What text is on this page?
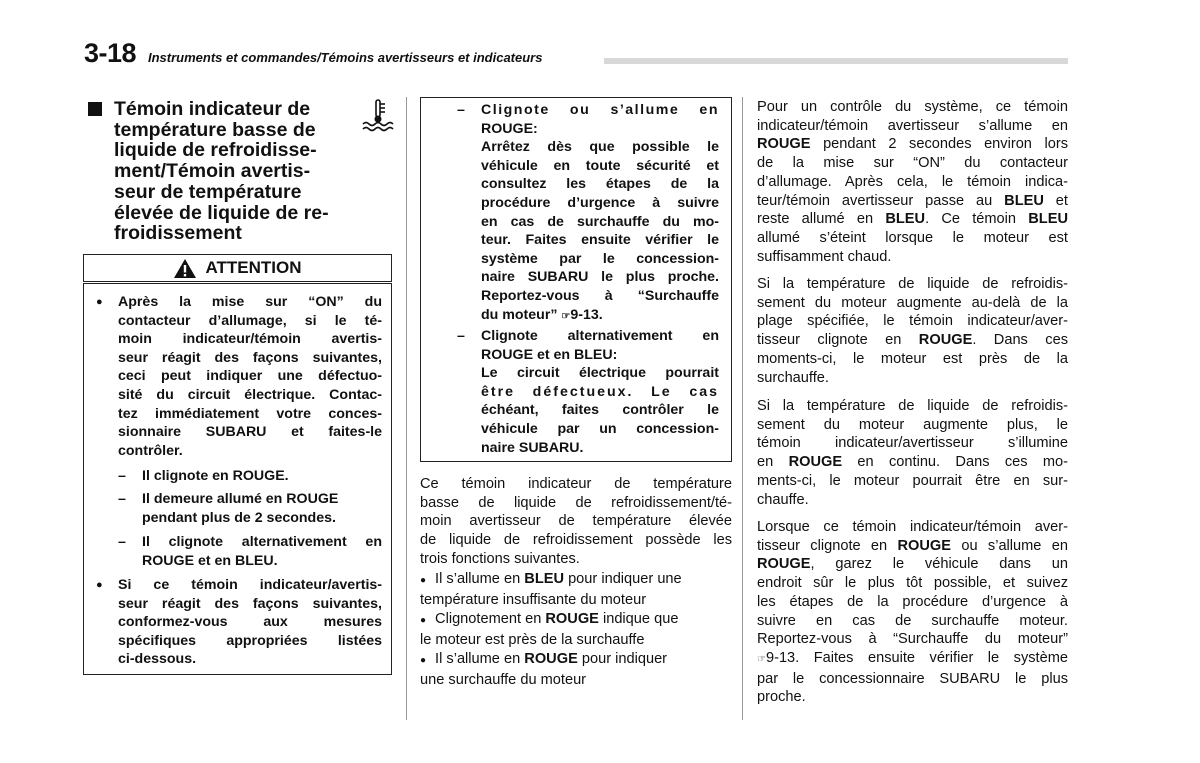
3-18 Instruments et commandes/Témoins avertisseurs et indicateurs
Témoin indicateur de
température basse de
liquide de refroidisse-
ment/Témoin avertis-
seur de température
élevée de liquide de re-
froidissement
ATTENTION
● Après la mise sur “ON” du
contacteur d’allumage, si le té-
moin indicateur/témoin avertis-
seur réagit des façons suivantes,
ceci peut indiquer une défectuo-
sité du circuit électrique. Contac-
tez immédiatement votre conces-
sionnaire SUBARU et faites-le
contrôler.
– Il clignote en ROUGE.
– Il demeure allumé en ROUGE
pendant plus de 2 secondes.
– Il clignote alternativement en
ROUGE et en BLEU.
● Si ce témoin indicateur/avertis-
seur réagit des façons suivantes,
conformez-vous aux mesures
spécifiques appropriées listées
ci-dessous.
– Clignote ou s’allume en
ROUGE:
Arrêtez dès que possible le
véhicule en toute sécurité et
consultez les étapes de la
procédure d’urgence à suivre
en cas de surchauffe du mo-
teur. Faites ensuite vérifier le
système par le concession-
naire SUBARU le plus proche.
Reportez-vous à “Surchauffe
du moteur” ☞9-13.
– Clignote alternativement en
ROUGE et en BLEU:
Le circuit électrique pourrait
être défectueux. Le cas
échéant, faites contrôler le
véhicule par un concession-
naire SUBARU.
Ce témoin indicateur de température
basse de liquide de refroidissement/té-
moin avertisseur de température élevée
de liquide de refroidissement possède les
trois fonctions suivantes.
● Il s’allume en BLEU pour indiquer une
température insuffisante du moteur
● Clignotement en ROUGE indique que
le moteur est près de la surchauffe
● Il s’allume en ROUGE pour indiquer
une surchauffe du moteur
Pour un contrôle du système, ce témoin
indicateur/témoin avertisseur s’allume en
ROUGE pendant 2 secondes environ lors
de la mise sur “ON” du contacteur
d’allumage. Après cela, le témoin indica-
teur/témoin avertisseur passe au BLEU et
reste allumé en BLEU. Ce témoin BLEU
allumé s’éteint lorsque le moteur est
suffisamment chaud.
Si la température de liquide de refroidis-
sement du moteur augmente au-delà de la
plage spécifiée, le témoin indicateur/aver-
tisseur clignote en ROUGE. Dans ces
moments-ci, le moteur est près de la
surchauffe.
Si la température de liquide de refroidis-
sement du moteur augmente plus, le
témoin indicateur/avertisseur s’illumine
en ROUGE en continu. Dans ces mo-
ments-ci, le moteur pourrait être en sur-
chauffe.
Lorsque ce témoin indicateur/témoin aver-
tisseur clignote en ROUGE ou s’allume en
ROUGE, garez le véhicule dans un
endroit sûr le plus tôt possible, et suivez
les étapes de la procédure d’urgence à
suivre en cas de surchauffe moteur.
Reportez-vous à “Surchauffe du moteur”
☞9-13. Faites ensuite vérifier le système
par le concessionnaire SUBARU le plus
proche.
